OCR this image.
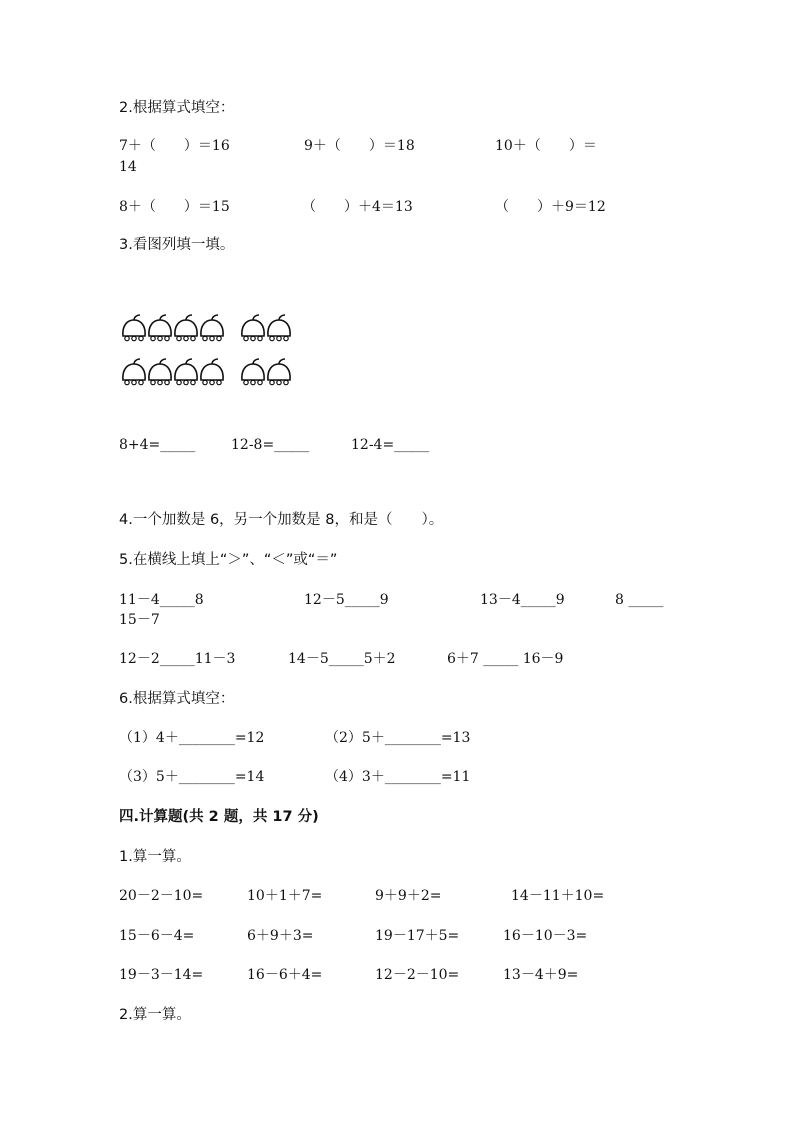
2.根据算式填空：
7＋（　　）＝16	9＋（　　）＝18	10＋（　　）＝
14
8＋（　　）＝15	（　　）＋4＝13	（　　）＋9＝12
3.看图列填一填。
8+4=_____	12-8=_____	12-4=_____
4.一个加数是 6，另一个加数是 8，和是（　　）。
5.在横线上填上“＞”、“＜”或“＝”
11－4_____8	12－5_____9	13－4_____9	8 _____
15－7
12－2_____11－3	14－5_____5＋2	6＋7 _____ 16－9
6.根据算式填空：
（1）4＋________=12	（2）5＋________=13
（3）5＋________=14	（4）3＋________=11
四.计算题(共 2 题，共 17 分)
1.算一算。
20－2－10=	10＋1＋7=	9＋9＋2=	14－11＋10=
15－6－4=	6＋9＋3=	19－17＋5=	16－10－3=
19－3－14=	16－6＋4=	12－2－10=	13－4＋9=
2.算一算。
